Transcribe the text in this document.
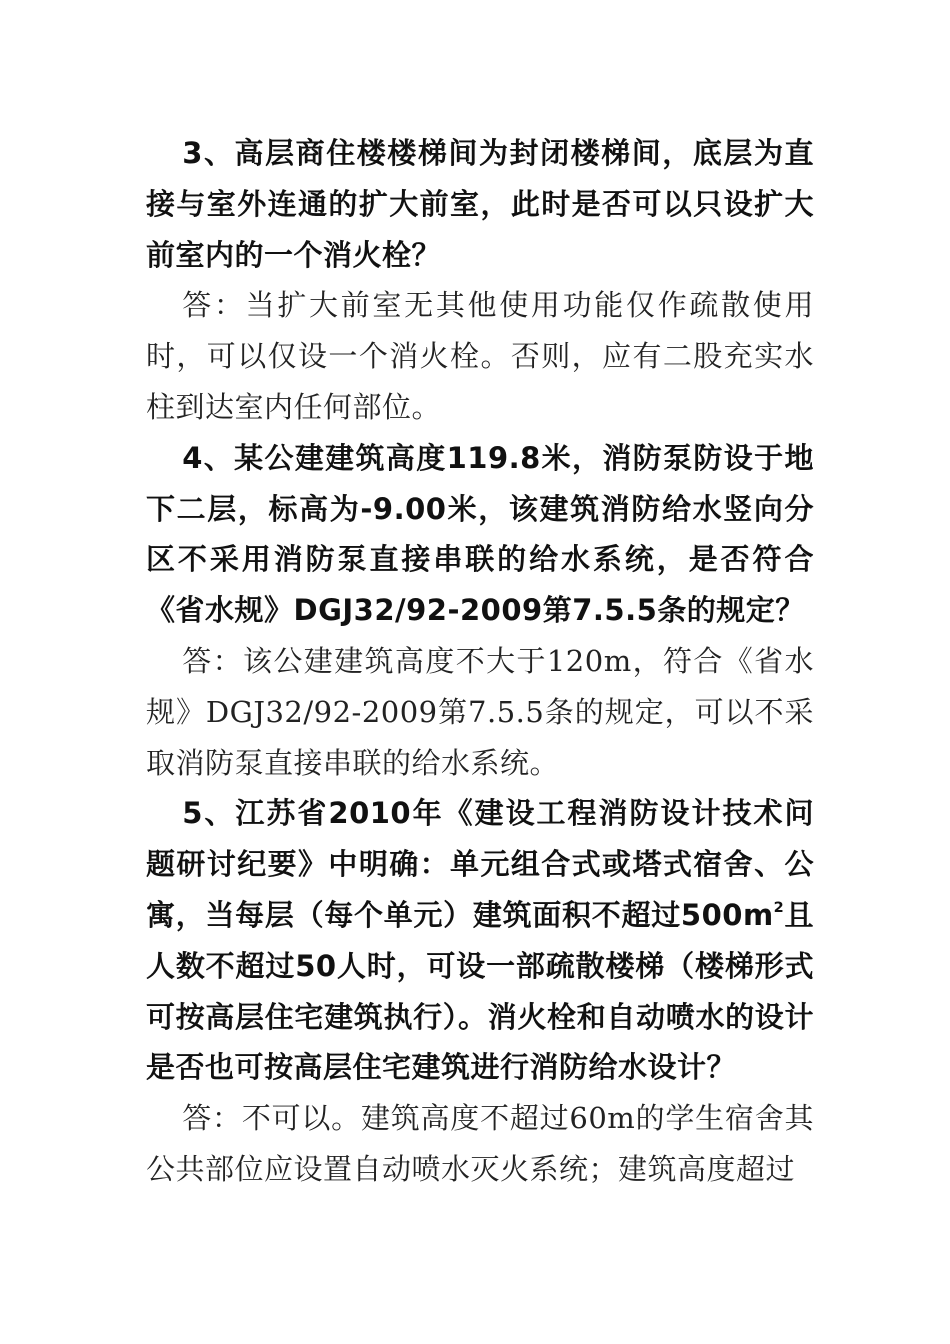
3、高层商住楼楼梯间为封闭楼梯间，底层为直接与室外连通的扩大前室，此时是否可以只设扩大前室内的一个消火栓？

答：当扩大前室无其他使用功能仅作疏散使用时，可以仅设一个消火栓。否则，应有二股充实水柱到达室内任何部位。

4、某公建建筑高度119.8米，消防泵防设于地下二层，标高为-9.00米，该建筑消防给水竖向分区不采用消防泵直接串联的给水系统，是否符合《省水规》DGJ32/92-2009第7.5.5条的规定？

答：该公建建筑高度不大于120m，符合《省水规》DGJ32/92-2009第7.5.5条的规定，可以不采取消防泵直接串联的给水系统。

5、江苏省2010年《建设工程消防设计技术问题研讨纪要》中明确：单元组合式或塔式宿舍、公寓，当每层（每个单元）建筑面积不超过$500m^2$且人数不超过50人时，可设一部疏散楼梯（楼梯形式可按高层住宅建筑执行）。消火栓和自动喷水的设计是否也可按高层住宅建筑进行消防给水设计？

答：不可以。建筑高度不超过60m的学生宿舍其公共部位应设置自动喷水灭火系统；建筑高度超过
